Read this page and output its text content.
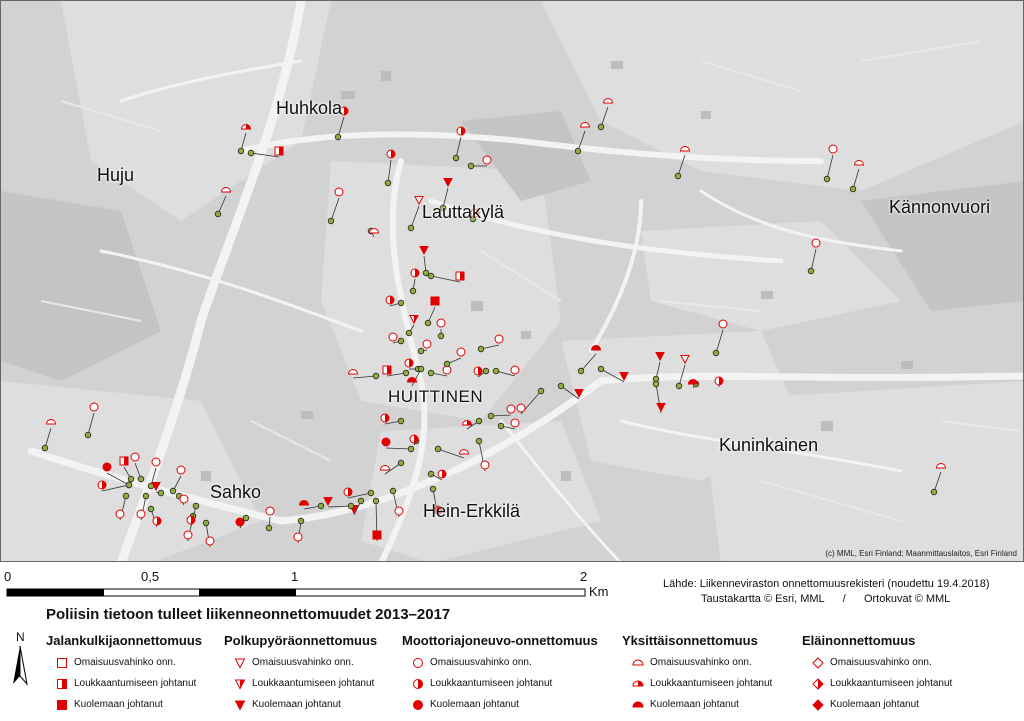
Huhkola
Huju
Lauttakylä	Kännonvuori
HUITTINEN
Sahko
Hein-Erkkilä
Kuninkainen
(c) MML, Esri Finland; Maanmittauslaitos, Esri Finland
0	0,5	1	2
Km	Lähde: Liikenneviraston onnettomuusrekisteri (noudettu 19.4.2018)
Taustakartta © Esri, MML      /      Ortokuvat © MML
Poliisin tietoon tulleet liikenneonnettomuudet 2013–2017
N Jalankulkijaonnettomuus
Omaisuusvahinko onn.
Loukkaantumiseen johtanut
Kuolemaan johtanut
Polkupyöräonnettomuus
Omaisuusvahinko onn.
Loukkaantumiseen johtanut
Kuolemaan johtanut
Moottoriajoneuvo-onnettomuus
Omaisuusvahinko onn.
Loukkaantumiseen johtanut
Kuolemaan johtanut
Yksittäisonnettomuus
Omaisuusvahinko onn.
Loukkaantumiseen johtanut
Kuolemaan johtanut
Eläinonnettomuus
Omaisuusvahinko onn.
Loukkaantumiseen johtanut
Kuolemaan johtanut
